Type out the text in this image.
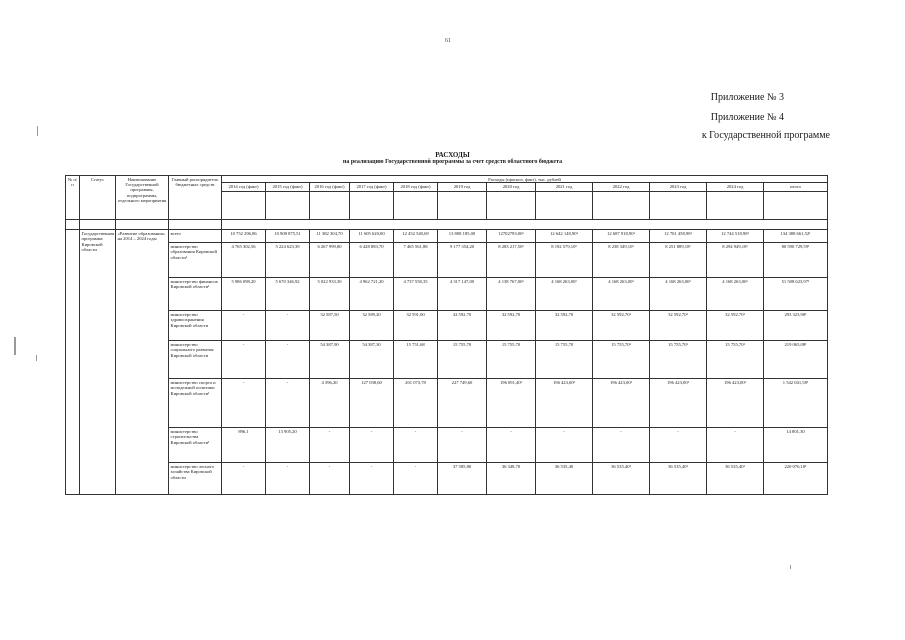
61
Приложение № 3
Приложение № 4
к Государственной программе
РАСХОДЫ
на реализацию Государственной программы за счет средств областного бюджета
№ п/п	Статус	Наименование Государственной программы, подпрограммы, отдельного мероприятия	Главный распорядитель бюджетных средств	Расходы (прогноз, факт), тыс. рублей											
				2014 год (факт)	2015 год (факт)	2016 год (факт)	2017 год (факт)	2018 год (факт)	2019 год	2020 год	2021 год	2022 год	2023 год	2024 год	итого

	Государственная программа Кировской области	«Развитие образования» на 2014 – 2024 годы	всего	10 752 296,86	10 908 875,51	11 382 304,70	11 605 620,00	12 452 540,69	13 808 185,00	12702793,00¹	12 642 148,90¹	12 687 918,90¹	12 701 458,98¹	12 744 518,98¹	134 388 661,52¹
			министерство образования Кировской области¹	4 765 302,56	5 224 623,39	6 267 999,80	6 428 883,70	7 465 561,88	9 177 354,20	8 283 217,50¹	8 192 579,10¹	8 238 349,10¹	8 251 889,18¹	8 294 949,18¹	80 590 729,59¹
			министерство финансов Кировской области¹	5 986 098,20	5 670 346,92	5 022 933,30	4 962 721,20	4 737 558,35	4 317 147,00	4 138 767,00¹	4 168 263,00¹	4 168 263,00¹	4 168 263,00¹	4 168 263,00¹	51 508 623,97¹
			министерство здравоохранения Кировской области	-	-	32 587,50	32 589,20	32 591,00	32 592,70	32 592,70	32 592,70	32 592,70¹	32 592,70¹	32 592,70¹	293 323,90¹
			министерство социального развития Кировской области	-	-	54 387,90	54 387,30	15 751,68	15 755,70	15 755,70	15 755,70	15 755,70¹	15 755,70¹	15 755,70¹	219 065,08¹
			министерство спорта и молодежной политики Кировской области¹	-	-	4 396,20	127 038,60	201 073,78	227 749,60	196 091,40¹	196 423,00¹	196 423,00¹	196 423,00¹	196 423,00¹	1 542 041,58¹
			министерство строительства Кировской области¹	896,1	13 905,20	-	-	-	-	-	-	-	-	-	14 801,30
			министерство лесного хозяйства Кировской области	-	-	-	-	-	37 585,80	36 348,70	36 535,40	36 535,40¹	36 535,40¹	36 535,40¹	220 076,10¹
